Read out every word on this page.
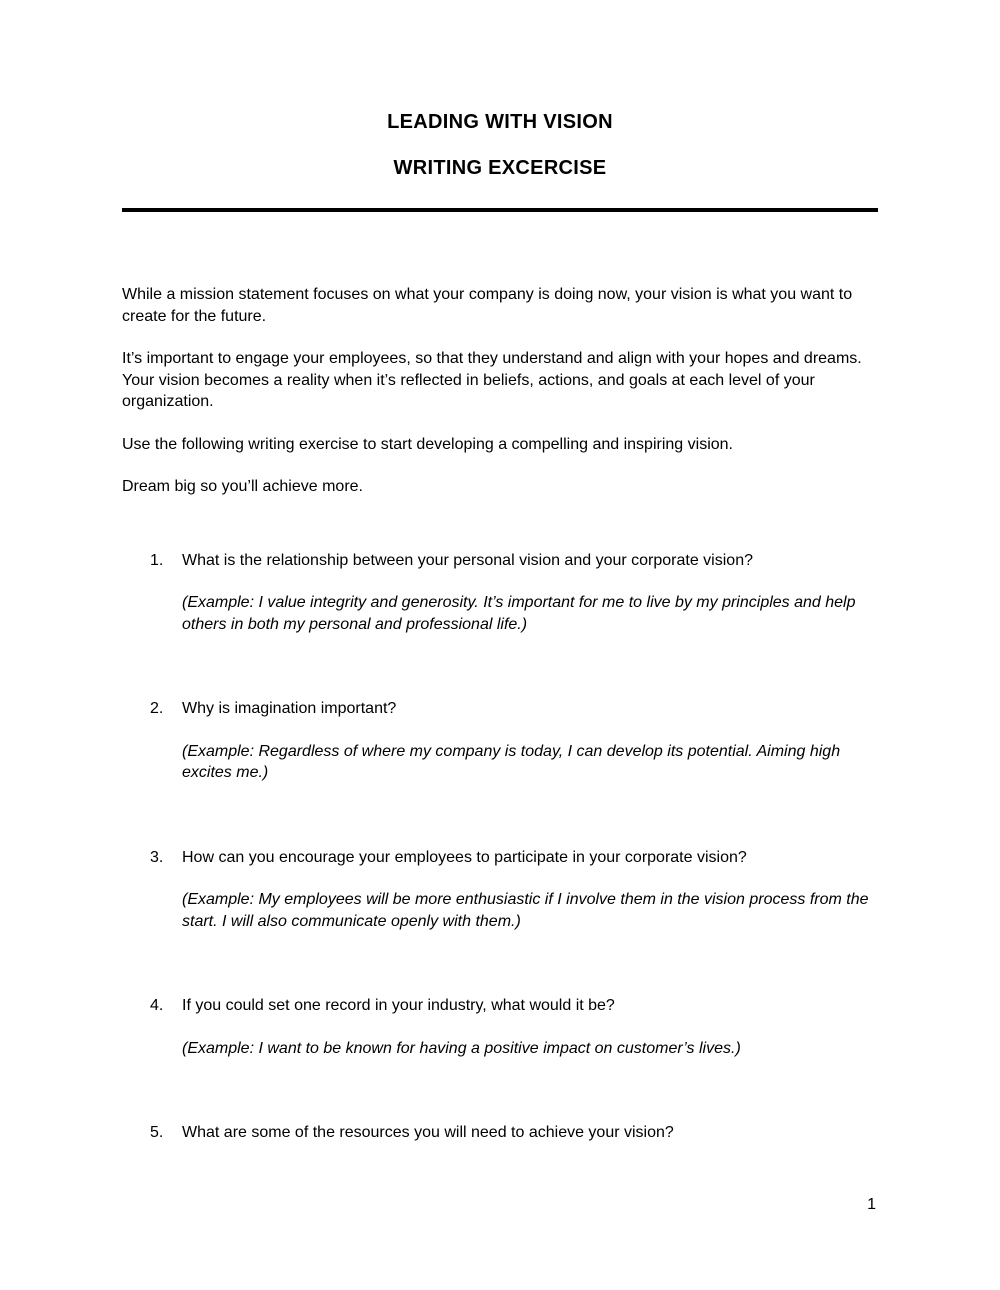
LEADING WITH VISION
WRITING EXCERCISE

While a mission statement focuses on what your company is doing now, your vision is what you want to create for the future.

It’s important to engage your employees, so that they understand and align with your hopes and dreams. Your vision becomes a reality when it’s reflected in beliefs, actions, and goals at each level of your organization.

Use the following writing exercise to start developing a compelling and inspiring vision.

Dream big so you’ll achieve more.

1.	What is the relationship between your personal vision and your corporate vision?

(Example: I value integrity and generosity. It’s important for me to live by my principles and help others in both my personal and professional life.)

2.	Why is imagination important?

(Example: Regardless of where my company is today, I can develop its potential. Aiming high excites me.)

3.	How can you encourage your employees to participate in your corporate vision?

(Example: My employees will be more enthusiastic if I involve them in the vision process from the start. I will also communicate openly with them.)

4.	If you could set one record in your industry, what would it be?

(Example: I want to be known for having a positive impact on customer’s lives.)

5.	What are some of the resources you will need to achieve your vision?
1
